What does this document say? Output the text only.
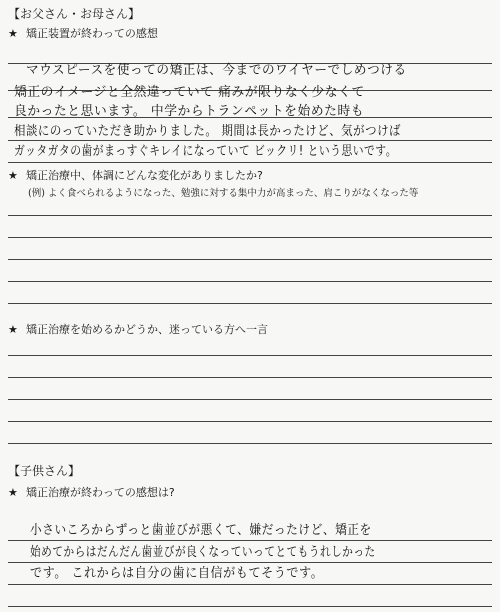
【お父さん・お母さん】
★ 矯正装置が終わっての感想
マウスピースを使っての矯正は、今までのワイヤーでしめつける
矯正のイメージと全然違っていて 痛みが限りなく少なくて
良かったと思います。 中学からトランペットを始めた時も
相談にのっていただき助かりました。 期間は長かったけど、気がつけば
ガッタガタの歯がまっすぐキレイになっていて ビックリ! という思いです。
★ 矯正治療中、体調にどんな変化がありましたか?
(例) よく食べられるようになった、勉強に対する集中力が高まった、肩こりがなくなった等
★ 矯正治療を始めるかどうか、迷っている方へ一言
【子供さん】
★ 矯正治療が終わっての感想は?
小さいころからずっと歯並びが悪くて、嫌だったけど、矯正を
始めてからはだんだん歯並びが良くなっていってとてもうれしかった
です。 これからは自分の歯に自信がもてそうです。
